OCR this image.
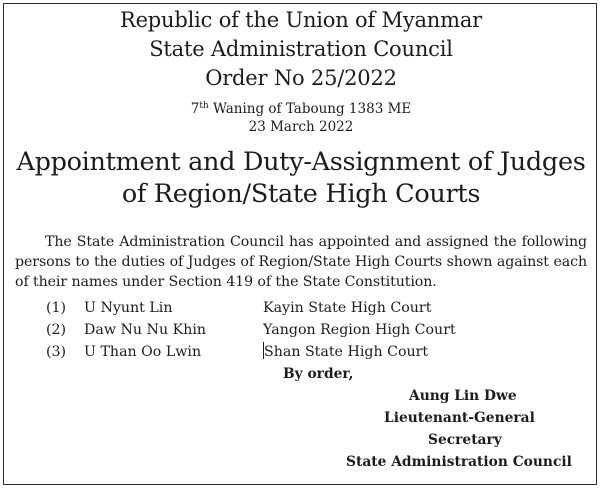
Republic of the Union of Myanmar
State Administration Council
Order No 25/2022
7th Waning of Taboung 1383 ME
23 March 2022
Appointment and Duty-Assignment of Judges
of Region/State High Courts
The State Administration Council has appointed and assigned the following persons to the duties of Judges of Region/State High Courts shown against each of their names under Section 419 of the State Constitution.
(1) U Nyunt Lin	Kayin State High Court
(2) Daw Nu Nu Khin	Yangon Region High Court
(3) U Than Oo Lwin	Shan State High Court
By order,
Aung Lin Dwe
Lieutenant-General
Secretary
State Administration Council
